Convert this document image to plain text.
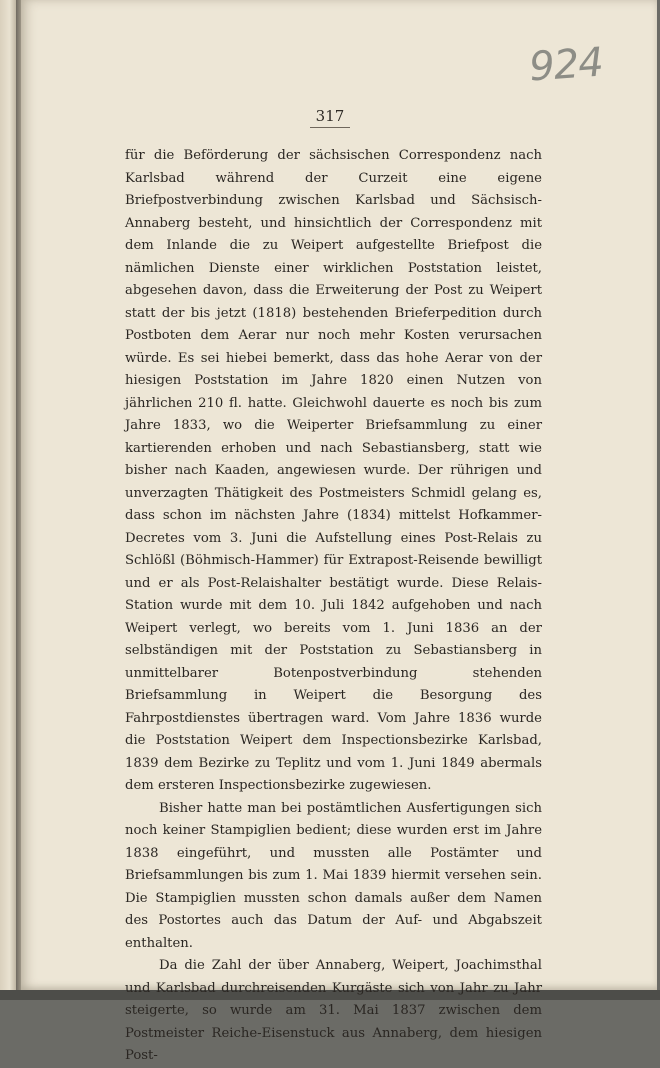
924
317

für die Beförderung der sächsischen Correspondenz nach Karlsbad während der Curzeit eine eigene Briefpostverbindung zwischen Karlsbad und Sächsisch-Annaberg besteht, und hinsichtlich der Correspondenz mit dem Inlande die zu Weipert aufgestellte Briefpost die nämlichen Dienste einer wirklichen Poststation leistet, abgesehen davon, dass die Erweiterung der Post zu Weipert statt der bis jetzt (1818) bestehenden Brieferpedition durch Postboten dem Aerar nur noch mehr Kosten verursachen würde. Es sei hiebei bemerkt, dass das hohe Aerar von der hiesigen Poststation im Jahre 1820 einen Nutzen von jährlichen 210 fl. hatte. Gleichwohl dauerte es noch bis zum Jahre 1833, wo die Weiperter Briefsammlung zu einer kartierenden erhoben und nach Sebastiansberg, statt wie bisher nach Kaaden, angewiesen wurde. Der rührigen und unverzagten Thätigkeit des Postmeisters Schmidl gelang es, dass schon im nächsten Jahre (1834) mittelst Hofkammer-Decretes vom 3. Juni die Aufstellung eines Post-Relais zu Schlößl (Böhmisch-Hammer) für Extrapost-Reisende bewilligt und er als Post-Relaishalter bestätigt wurde. Diese Relais-Station wurde mit dem 10. Juli 1842 aufgehoben und nach Weipert verlegt, wo bereits vom 1. Juni 1836 an der selbständigen mit der Poststation zu Sebastiansberg in unmittelbarer Botenpostverbindung stehenden Briefsammlung in Weipert die Besorgung des Fahrpostdienstes übertragen ward. Vom Jahre 1836 wurde die Poststation Weipert dem Inspectionsbezirke Karlsbad, 1839 dem Bezirke zu Teplitz und vom 1. Juni 1849 abermals dem ersteren Inspectionsbezirke zugewiesen.

Bisher hatte man bei postämtlichen Ausfertigungen sich noch keiner Stampiglien bedient; diese wurden erst im Jahre 1838 eingeführt, und mussten alle Postämter und Briefsammlungen bis zum 1. Mai 1839 hiermit versehen sein. Die Stampiglien mussten schon damals außer dem Namen des Postortes auch das Datum der Auf- und Abgabszeit enthalten.

Da die Zahl der über Annaberg, Weipert, Joachimsthal und Karlsbad durchreisenden Kurgäste sich von Jahr zu Jahr steigerte, so wurde am 31. Mai 1837 zwischen dem Postmeister Reiche-Eisenstuck aus Annaberg, dem hiesigen Post-
